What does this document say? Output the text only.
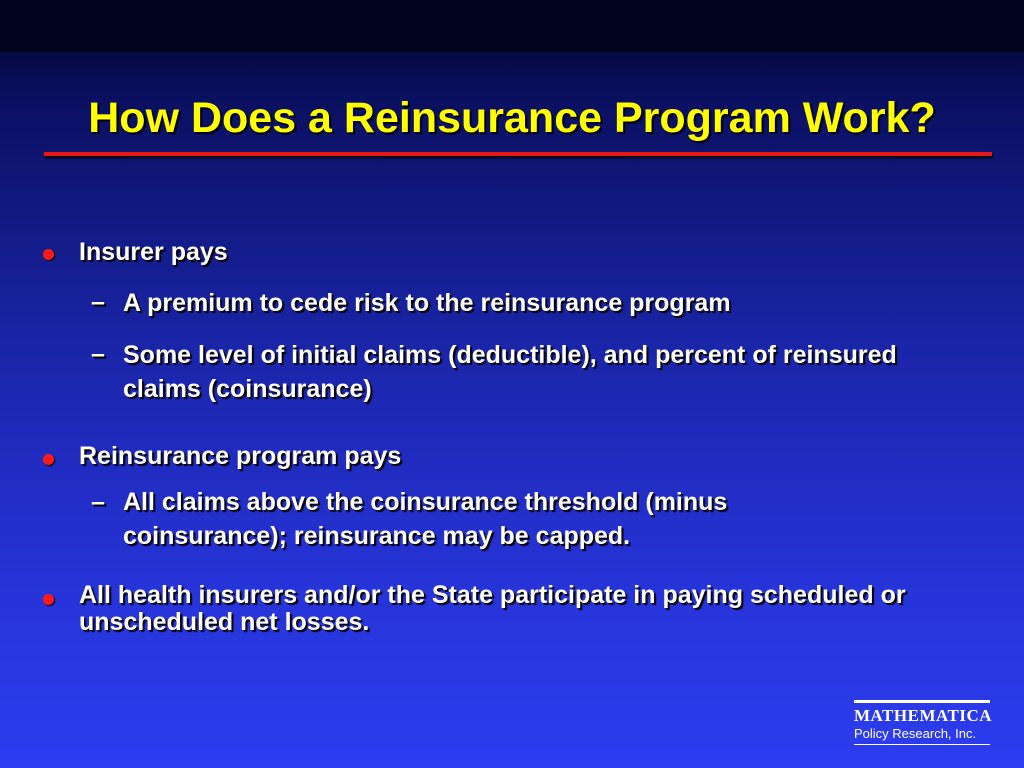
How Does a Reinsurance Program Work?
Insurer pays
– A premium to cede risk to the reinsurance program
– Some level of initial claims (deductible), and percent of reinsured claims (coinsurance)
Reinsurance program pays
– All claims above the coinsurance threshold (minus coinsurance); reinsurance may be capped.
All health insurers and/or the State participate in paying scheduled or unscheduled net losses.
MATHEMATICA
Policy Research, Inc.
